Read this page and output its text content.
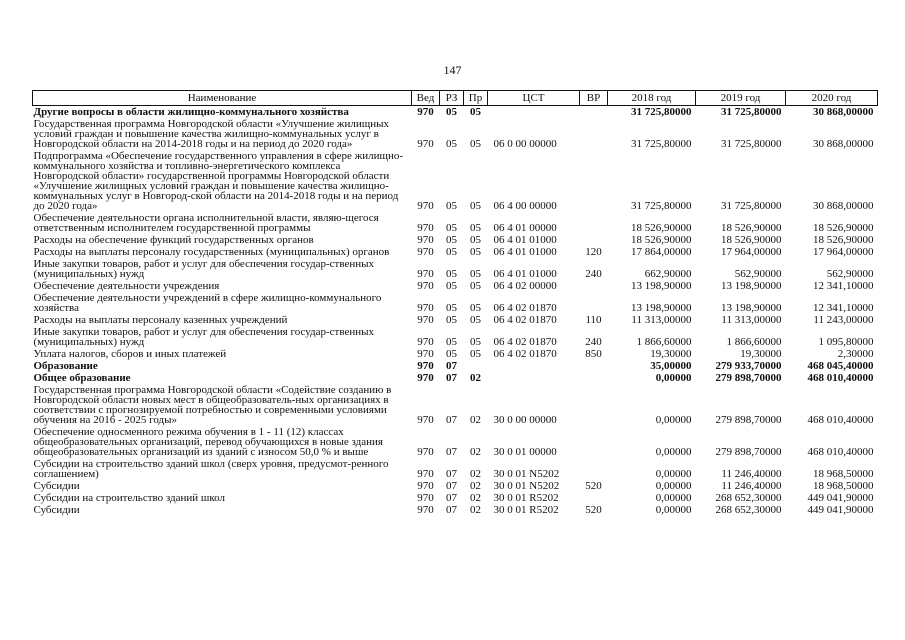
147
Наименование	Вед	РЗ	Пр	ЦСТ	ВР	2018 год	2019 год	2020 год
Другие вопросы в области жилищно-коммунального хозяйства	970	05	05			31 725,80000	31 725,80000	30 868,00000
Государственная программа Новгородской области «Улучшение жилищных условий граждан и повышение качества жилищно-коммунальных услуг в Новгородской области на 2014-2018 годы и на период до 2020 года»	970	05	05	06 0 00 00000		31 725,80000	31 725,80000	30 868,00000
Подпрограмма «Обеспечение государственного управления в сфере жилищно-коммунального хозяйства и топливно-энергетического комплекса Новгородской области» государственной программы Новгородской области «Улучшение жилищных условий граждан и повышение качества жилищно-коммунальных услуг в Новгород-ской области на 2014-2018 годы и на период до 2020 года»	970	05	05	06 4 00 00000		31 725,80000	31 725,80000	30 868,00000
Обеспечение деятельности органа исполнительной власти, являю-щегося ответственным исполнителем государственной программы	970	05	05	06 4 01 00000		18 526,90000	18 526,90000	18 526,90000
Расходы на обеспечение функций государственных органов	970	05	05	06 4 01 01000		18 526,90000	18 526,90000	18 526,90000
Расходы на выплаты персоналу государственных (муниципальных) органов	970	05	05	06 4 01 01000	120	17 864,00000	17 964,00000	17 964,00000
Иные закупки товаров, работ и услуг для обеспечения государ-ственных (муниципальных) нужд	970	05	05	06 4 01 01000	240	662,90000	562,90000	562,90000
Обеспечение деятельности учреждения	970	05	05	06 4 02 00000		13 198,90000	13 198,90000	12 341,10000
Обеспечение деятельности учреждений в сфере жилищно-коммунального хозяйства	970	05	05	06 4 02 01870		13 198,90000	13 198,90000	12 341,10000
Расходы на выплаты персоналу казенных учреждений	970	05	05	06 4 02 01870	110	11 313,00000	11 313,00000	11 243,00000
Иные закупки товаров, работ и услуг для обеспечения государ-ственных (муниципальных) нужд	970	05	05	06 4 02 01870	240	1 866,60000	1 866,60000	1 095,80000
Уплата налогов, сборов и иных платежей	970	05	05	06 4 02 01870	850	19,30000	19,30000	2,30000
Образование	970	07				35,00000	279 933,70000	468 045,40000
Общее образование	970	07	02			0,00000	279 898,70000	468 010,40000
Государственная программа Новгородской области «Содействие созданию в Новгородской области новых мест в общеобразователь-ных организациях в соответствии с прогнозируемой потребностью и современными условиями обучения на 2016 - 2025 годы»	970	07	02	30 0 00 00000		0,00000	279 898,70000	468 010,40000
Обеспечение односменного режима обучения в 1 - 11 (12) классах общеобразовательных организаций, перевод обучающихся в новые здания общеобразовательных организаций из зданий с износом 50,0 % и выше	970	07	02	30 0 01 00000		0,00000	279 898,70000	468 010,40000
Субсидии на строительство зданий школ (сверх уровня, предусмот-ренного соглашением)	970	07	02	30 0 01 N5202		0,00000	11 246,40000	18 968,50000
Субсидии	970	07	02	30 0 01 N5202	520	0,00000	11 246,40000	18 968,50000
Субсидии на строительство зданий школ	970	07	02	30 0 01 R5202		0,00000	268 652,30000	449 041,90000
Субсидии	970	07	02	30 0 01 R5202	520	0,00000	268 652,30000	449 041,90000
